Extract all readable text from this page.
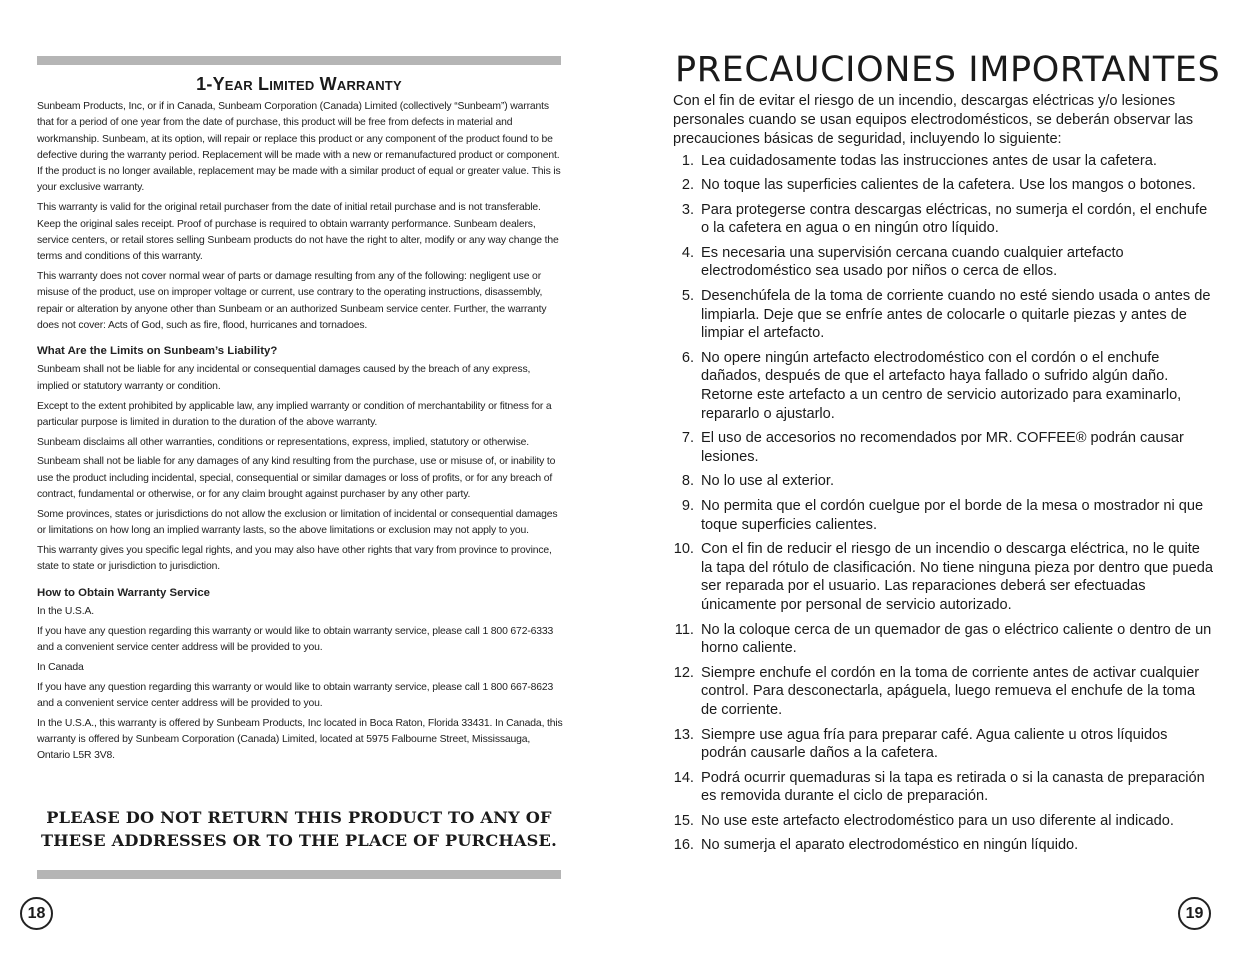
1-Year Limited Warranty

Sunbeam Products, Inc, or if in Canada, Sunbeam Corporation (Canada) Limited (collectively “Sunbeam”) warrants that for a period of one year from the date of purchase, this product will be free from defects in material and workmanship. Sunbeam, at its option, will repair or replace this product or any component of the product found to be defective during the warranty period. Replacement will be made with a new or remanufactured product or component. If the product is no longer available, replacement may be made with a similar product of equal or greater value. This is your exclusive warranty.

This warranty is valid for the original retail purchaser from the date of initial retail purchase and is not transferable. Keep the original sales receipt. Proof of purchase is required to obtain warranty performance. Sunbeam dealers, service centers, or retail stores selling Sunbeam products do not have the right to alter, modify or any way change the terms and conditions of this warranty.

This warranty does not cover normal wear of parts or damage resulting from any of the following: negligent use or misuse of the product, use on improper voltage or current, use contrary to the operating instructions, disassembly, repair or alteration by anyone other than Sunbeam or an authorized Sunbeam service center. Further, the warranty does not cover: Acts of God, such as fire, flood, hurricanes and tornadoes.

What Are the Limits on Sunbeam’s Liability?

Sunbeam shall not be liable for any incidental or consequential damages caused by the breach of any express, implied or statutory warranty or condition.

Except to the extent prohibited by applicable law, any implied warranty or condition of merchantability or fitness for a particular purpose is limited in duration to the duration of the above warranty.

Sunbeam disclaims all other warranties, conditions or representations, express, implied, statutory or otherwise.

Sunbeam shall not be liable for any damages of any kind resulting from the purchase, use or misuse of, or inability to use the product including incidental, special, consequential or similar damages or loss of profits, or for any breach of contract, fundamental or otherwise, or for any claim brought against purchaser by any other party.

Some provinces, states or jurisdictions do not allow the exclusion or limitation of incidental or consequential damages or limitations on how long an implied warranty lasts, so the above limitations or exclusion may not apply to you.

This warranty gives you specific legal rights, and you may also have other rights that vary from province to province, state to state or jurisdiction to jurisdiction.

How to Obtain Warranty Service

In the U.S.A.

If you have any question regarding this warranty or would like to obtain warranty service, please call 1 800 672-6333 and a convenient service center address will be provided to you.

In Canada

If you have any question regarding this warranty or would like to obtain warranty service, please call 1 800 667-8623 and a convenient service center address will be provided to you.

In the U.S.A., this warranty is offered by Sunbeam Products, Inc located in Boca Raton, Florida 33431. In Canada, this warranty is offered by Sunbeam Corporation (Canada) Limited, located at 5975 Falbourne Street, Mississauga, Ontario L5R 3V8.

PLEASE DO NOT RETURN THIS PRODUCT TO ANY OF THESE ADDRESSES OR TO THE PLACE OF PURCHASE.

18
PRECAUCIONES IMPORTANTES

Con el fin de evitar el riesgo de un incendio, descargas eléctricas y/o lesiones personales cuando se usan equipos electrodomésticos, se deberán observar las precauciones básicas de seguridad, incluyendo lo siguiente:

1. Lea cuidadosamente todas las instrucciones antes de usar la cafetera.
2. No toque las superficies calientes de la cafetera. Use los mangos o botones.
3. Para protegerse contra descargas eléctricas, no sumerja el cordón, el enchufe o la cafetera en agua o en ningún otro líquido.
4. Es necesaria una supervisión cercana cuando cualquier artefacto electrodoméstico sea usado por niños o cerca de ellos.
5. Desenchúfela de la toma de corriente cuando no esté siendo usada o antes de limpiarla. Deje que se enfríe antes de colocarle o quitarle piezas y antes de limpiar el artefacto.
6. No opere ningún artefacto electrodoméstico con el cordón o el enchufe dañados, después de que el artefacto haya fallado o sufrido algún daño. Retorne este artefacto a un centro de servicio autorizado para examinarlo, repararlo o ajustarlo.
7. El uso de accesorios no recomendados por MR. COFFEE® podrán causar lesiones.
8. No lo use al exterior.
9. No permita que el cordón cuelgue por el borde de la mesa o mostrador ni que toque superficies calientes.
10. Con el fin de reducir el riesgo de un incendio o descarga eléctrica, no le quite la tapa del rótulo de clasificación. No tiene ninguna pieza por dentro que pueda ser reparada por el usuario. Las reparaciones deberá ser efectuadas únicamente por personal de servicio autorizado.
11. No la coloque cerca de un quemador de gas o eléctrico caliente o dentro de un horno caliente.
12. Siempre enchufe el cordón en la toma de corriente antes de activar cualquier control. Para desconectarla, apáguela, luego remueva el enchufe de la toma de corriente.
13. Siempre use agua fría para preparar café. Agua caliente u otros líquidos podrán causarle daños a la cafetera.
14. Podrá ocurrir quemaduras si la tapa es retirada o si la canasta de preparación es removida durante el ciclo de preparación.
15. No use este artefacto electrodoméstico para un uso diferente al indicado.
16. No sumerja el aparato electrodoméstico en ningún líquido.
19
